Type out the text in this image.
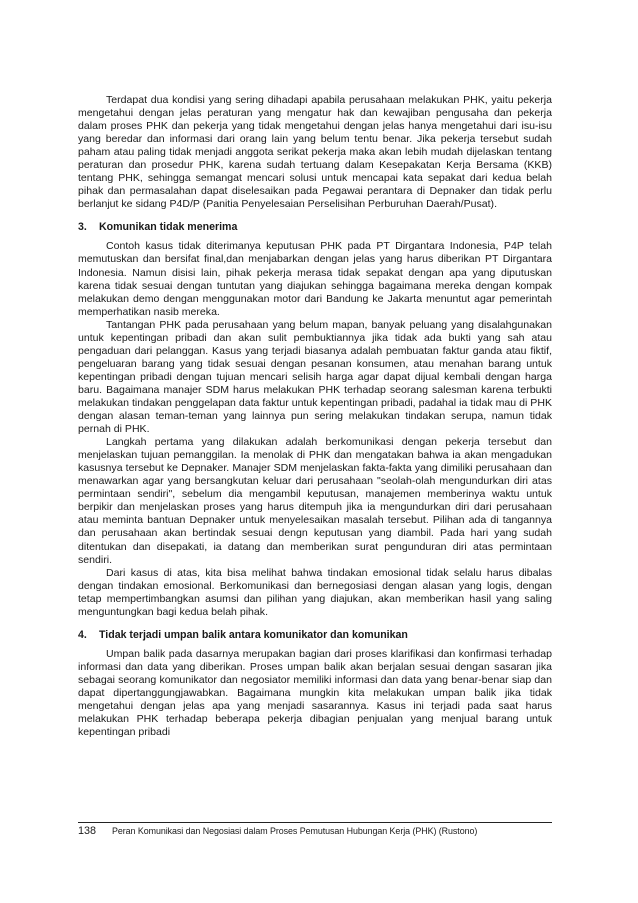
Terdapat dua kondisi yang sering dihadapi apabila perusahaan melakukan PHK, yaitu pekerja mengetahui dengan jelas peraturan yang mengatur hak dan kewajiban pengusaha dan pekerja dalam proses PHK dan pekerja yang tidak mengetahui dengan jelas hanya mengetahui dari isu-isu yang beredar dan informasi dari orang lain yang belum tentu benar. Jika pekerja tersebut sudah paham atau paling tidak menjadi anggota serikat pekerja maka akan lebih mudah dijelaskan tentang peraturan dan prosedur PHK, karena sudah tertuang dalam Kesepakatan Kerja Bersama (KKB) tentang PHK, sehingga semangat mencari solusi untuk mencapai kata sepakat dari kedua belah pihak dan permasalahan dapat diselesaikan pada Pegawai perantara di Depnaker dan tidak perlu berlanjut ke sidang P4D/P (Panitia Penyelesaian Perselisihan Perburuhan Daerah/Pusat).

3. Komunikan tidak menerima

Contoh kasus tidak diterimanya keputusan PHK pada PT Dirgantara Indonesia, P4P telah memutuskan dan bersifat final,dan menjabarkan dengan jelas yang harus diberikan PT Dirgantara Indonesia. Namun disisi lain, pihak pekerja merasa tidak sepakat dengan apa yang diputuskan karena tidak sesuai dengan tuntutan yang diajukan sehingga bagaimana mereka dengan kompak melakukan demo dengan menggunakan motor dari Bandung ke Jakarta menuntut agar pemerintah memperhatikan nasib mereka.

Tantangan PHK pada perusahaan yang belum mapan, banyak peluang yang disalahgunakan untuk kepentingan pribadi dan akan sulit pembuktiannya jika tidak ada bukti yang sah atau pengaduan dari pelanggan. Kasus yang terjadi biasanya adalah pembuatan faktur ganda atau fiktif, pengeluaran barang yang tidak sesuai dengan pesanan konsumen, atau menahan barang untuk kepentingan pribadi dengan tujuan mencari selisih harga agar dapat dijual kembali dengan harga baru. Bagaimana manajer SDM harus melakukan PHK terhadap seorang salesman karena terbukti melakukan tindakan penggelapan data faktur untuk kepentingan pribadi, padahal ia tidak mau di PHK dengan alasan teman-teman yang lainnya pun sering melakukan tindakan serupa, namun tidak pernah di PHK.

Langkah pertama yang dilakukan adalah berkomunikasi dengan pekerja tersebut dan menjelaskan tujuan pemanggilan. Ia menolak di PHK dan mengatakan bahwa ia akan mengadukan kasusnya tersebut ke Depnaker. Manajer SDM menjelaskan fakta-fakta yang dimiliki perusahaan dan menawarkan agar yang bersangkutan keluar dari perusahaan "seolah-olah mengundurkan diri atas permintaan sendiri", sebelum dia mengambil keputusan, manajemen memberinya waktu untuk berpikir dan menjelaskan proses yang harus ditempuh jika ia mengundurkan diri dari perusahaan atau meminta bantuan Depnaker untuk menyelesaikan masalah tersebut. Pilihan ada di tangannya dan perusahaan akan bertindak sesuai dengn keputusan yang diambil. Pada hari yang sudah ditentukan dan disepakati, ia datang dan memberikan surat pengunduran diri atas permintaan sendiri.

Dari kasus di atas, kita bisa melihat bahwa tindakan emosional tidak selalu harus dibalas dengan tindakan emosional. Berkomunikasi dan bernegosiasi dengan alasan yang logis, dengan tetap mempertimbangkan asumsi dan pilihan yang diajukan, akan memberikan hasil yang saling menguntungkan bagi kedua belah pihak.

4. Tidak terjadi umpan balik antara komunikator dan komunikan

Umpan balik pada dasarnya merupakan bagian dari proses klarifikasi dan konfirmasi terhadap informasi dan data yang diberikan. Proses umpan balik akan berjalan sesuai dengan sasaran jika sebagai seorang komunikator dan negosiator memiliki informasi dan data yang benar-benar siap dan dapat dipertanggungjawabkan. Bagaimana mungkin kita melakukan umpan balik jika tidak mengetahui dengan jelas apa yang menjadi sasarannya. Kasus ini terjadi pada saat harus melakukan PHK terhadap beberapa pekerja dibagian penjualan yang menjual barang untuk kepentingan pribadi

138 Peran Komunikasi dan Negosiasi dalam Proses Pemutusan Hubungan Kerja (PHK) (Rustono)
